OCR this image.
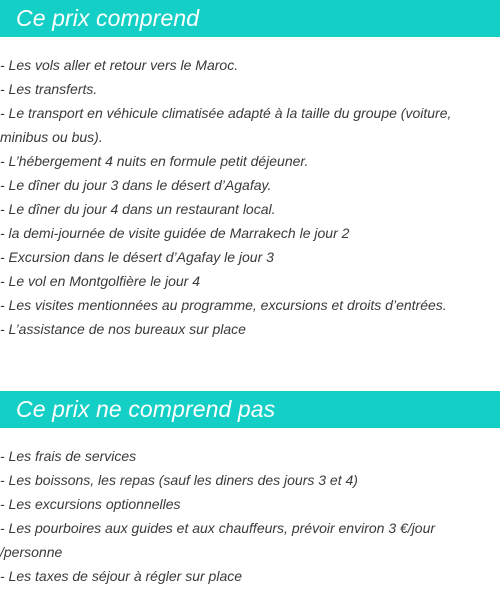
Ce prix comprend
- Les vols aller et retour vers le Maroc.
- Les transferts.
- Le transport en véhicule climatisée adapté à la taille du groupe (voiture, minibus ou bus).
- L’hébergement 4 nuits en formule petit déjeuner.
- Le dîner du jour 3 dans le désert d’Agafay.
- Le dîner du jour 4 dans un restaurant local.
- la demi-journée de visite guidée de Marrakech le jour 2
- Excursion dans le désert d’Agafay le jour 3
- Le vol en Montgolfière le jour 4
- Les visites mentionnées au programme, excursions et droits d’entrées.
- L’assistance de nos bureaux sur place
Ce prix ne comprend pas
- Les frais de services
- Les boissons, les repas (sauf les diners des jours 3 et 4)
- Les excursions optionnelles
- Les pourboires aux guides et aux chauffeurs, prévoir environ 3 €/jour /personne
- Les taxes de séjour à régler sur place
